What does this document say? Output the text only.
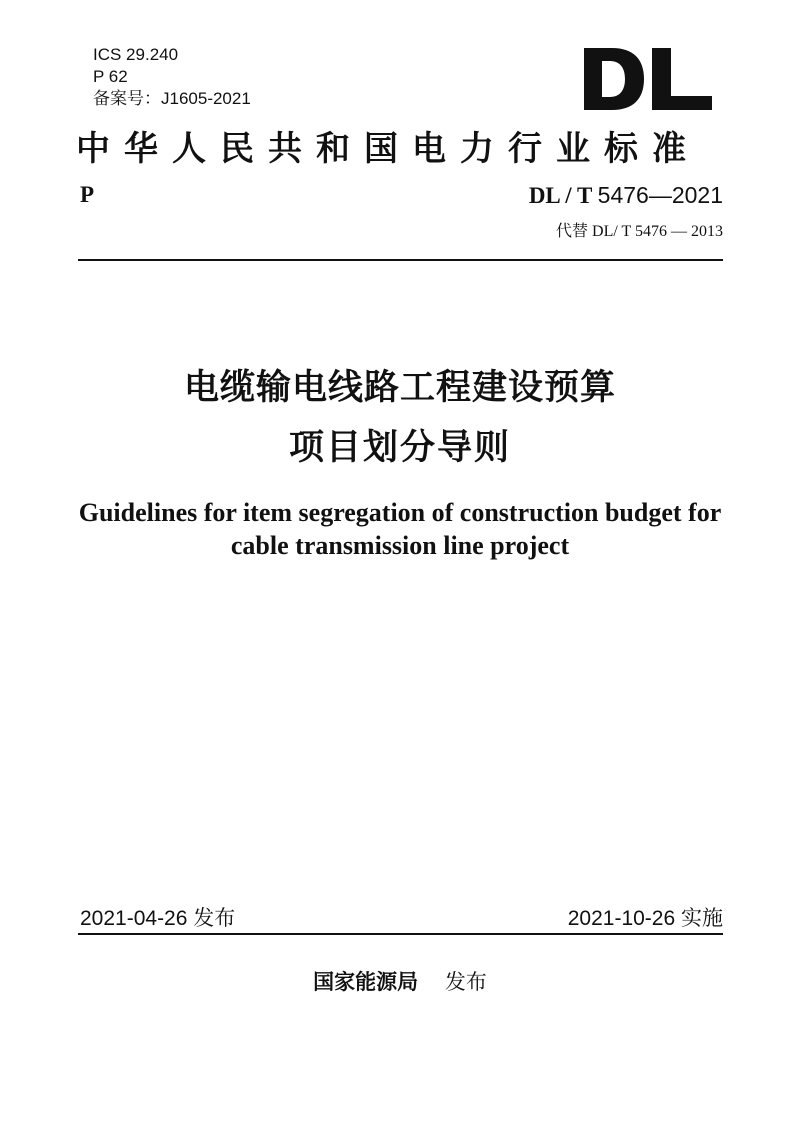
ICS 29.240
P 62
备案号：J1605-2021
中华人民共和国电力行业标准
P	DL / T 5476—2021
代替 DL/ T 5476 — 2013
电缆输电线路工程建设预算
项目划分导则
Guidelines for item segregation of construction budget for
cable transmission line project
2021-04-26 发布	2021-10-26 实施
国家能源局 发布
